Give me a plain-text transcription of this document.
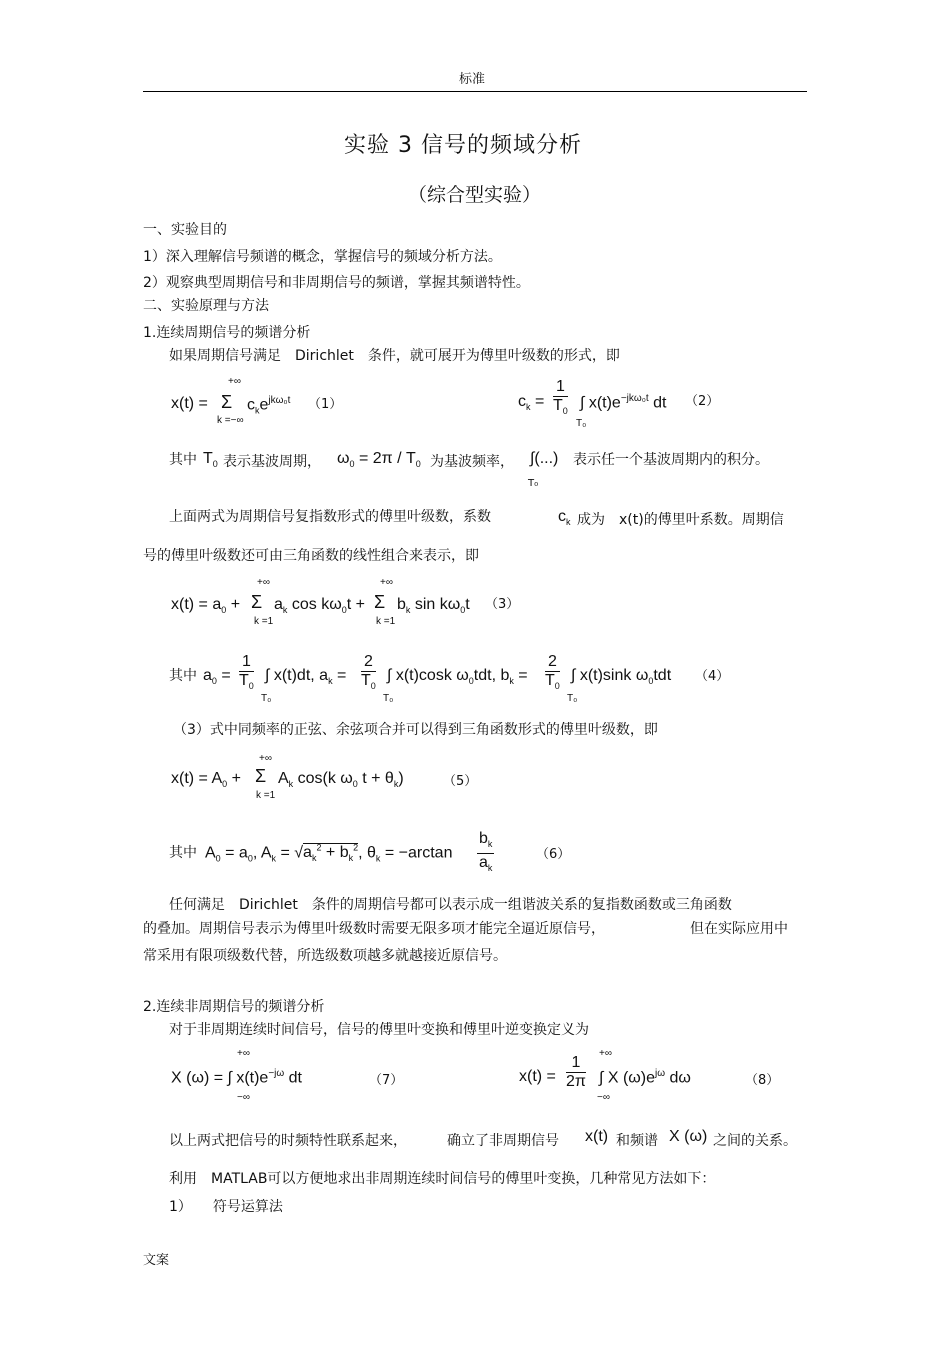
标准
实验 3 信号的频域分析
（综合型实验）
一、实验目的
1）深入理解信号频谱的概念，掌握信号的频域分析方法。
2）观察典型周期信号和非周期信号的频谱，掌握其频谱特性。
二、实验原理与方法
1.连续周期信号的频谱分析
如果周期信号满足　Dirichlet　条件，就可展开为傅里叶级数的形式，即
+∞
x(t) = Σ $c_ke^{jk\omega_0t}$
k =−∞
（1）	$c_k = \frac{1}{T_0}$ ∫ $x(t)e^{-jk\omega_0t}$ dt
T₀
（2）
其中 $T_0$ 表示基波周期， $\omega_0 = 2\pi / T_0$ 为基波频率， ∫(...)
T₀
表示任一个基波周期内的积分。
上面两式为周期信号复指数形式的傅里叶级数，系数	$c_k$ 成为　x(t)的傅里叶系数。周期信
号的傅里叶级数还可由三角函数的线性组合来表示，即
+∞	+∞
$x(t) = a_0 + \Sigma$ $a_k$ $\cos k\omega_0t + \Sigma$ $b_k$ $\sin k\omega_0t$
k =1	k =1
（3）
其中 $a_0 = \frac{1}{T_0}$ ∫ x(t)dt, $a_k = \frac{2}{T_0}$ ∫ x(t)cosk $\omega_0tdt$, $b_k = \frac{2}{T_0}$ ∫ x(t)sink $\omega_0tdt$
T₀	T₀	T₀
（4）
（3）式中同频率的正弦、余弦项合并可以得到三角函数形式的傅里叶级数，即
+∞
$x(t) = A_0 + \Sigma$ $A_k$ cos(k $\omega_0$ $t + \theta_k$)
k =1
（5）
其中 $A_0 = a_0$, $A_k = √a_k^2 + b_k^2$, $\theta_k = -\arctan \frac{b_k}{a_k}$	（6）
任何满足　Dirichlet　条件的周期信号都可以表示成一组谐波关系的复指数函数或三角函数
的叠加。周期信号表示为傅里叶级数时需要无限多项才能完全逼近原信号，	但在实际应用中
常采用有限项级数代替，所选级数项越多就越接近原信号。
2.连续非周期信号的频谱分析
对于非周期连续时间信号，信号的傅里叶变换和傅里叶逆变换定义为
+∞
X (ω) = ∫ $x(t)e^{-j\omega}$ dt
−∞
（7）
+∞
$x(t) = \frac{1}{2\pi}$ ∫ X $(\omega)e^{j\omega}$ dω
−∞
（8）
以上两式把信号的时频特性联系起来，	确立了非周期信号 x(t) 和频谱 X (ω) 之间的关系。
利用　MATLAB可以方便地求出非周期连续时间信号的傅里叶变换，几种常见方法如下：
1）　　符号运算法
文案
